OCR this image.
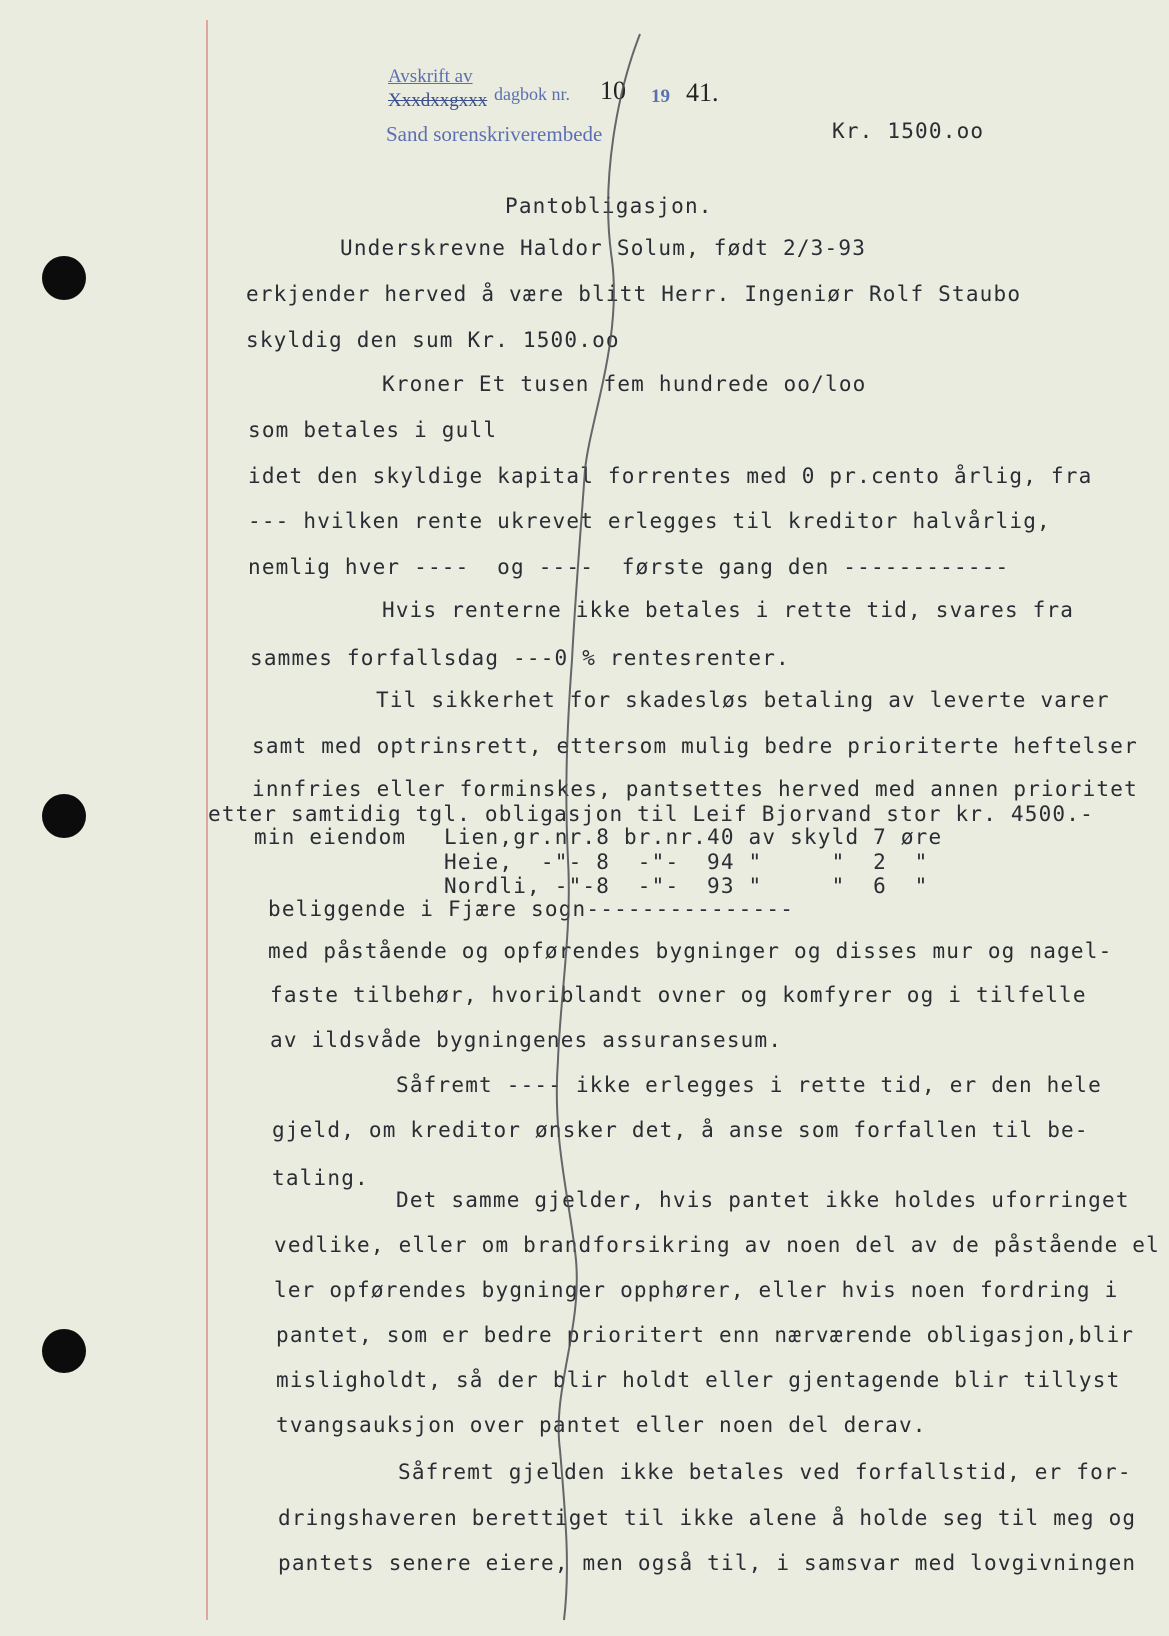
Avskrift av
Xxxdxxgxxx dagbok nr. 10 19 41.
Sand sorenskriverembede	Kr. 1500.oo
Pantobligasjon.
Underskrevne Haldor Solum, født 2/3-93
erkjender herved å være blitt Herr. Ingeniør Rolf Staubo
skyldig den sum Kr. 1500.oo
Kroner Et tusen fem hundrede oo/loo
som betales i gull
idet den skyldige kapital forrentes med 0 pr.cento årlig, fra
--- hvilken rente ukrevet erlegges til kreditor halvårlig,
nemlig hver ----  og ----  første gang den ------------
Hvis renterne ikke betales i rette tid, svares fra
sammes forfallsdag ---0 % rentesrenter.
Til sikkerhet for skadesløs betaling av leverte varer
samt med optrinsrett, ettersom mulig bedre prioriterte heftelser
innfries eller forminskes, pantsettes herved med annen prioritet
etter samtidig tgl. obligasjon til Leif Bjorvand stor kr. 4500.-
min eiendom Lien,gr.nr.8 br.nr.40 av skyld 7 øre
Heie,  -"- 8  -"-  94 "     "  2  "
Nordli, -"-8  -"-  93 "     "  6  "
beliggende i Fjære sogn---------------
med påstående og opførendes bygninger og disses mur og nagel-
faste tilbehør, hvoriblandt ovner og komfyrer og i tilfelle
av ildsvåde bygningenes assuransesum.
Såfremt ---- ikke erlegges i rette tid, er den hele
gjeld, om kreditor ønsker det, å anse som forfallen til be-
taling.
Det samme gjelder, hvis pantet ikke holdes uforringet
vedlike, eller om brandforsikring av noen del av de påstående el
ler opførendes bygninger opphører, eller hvis noen fordring i
pantet, som er bedre prioritert enn nærværende obligasjon,blir
misligholdt, så der blir holdt eller gjentagende blir tillyst
tvangsauksjon over pantet eller noen del derav.
Såfremt gjelden ikke betales ved forfallstid, er for-
dringshaveren berettiget til ikke alene å holde seg til meg og
pantets senere eiere, men også til, i samsvar med lovgivningen
